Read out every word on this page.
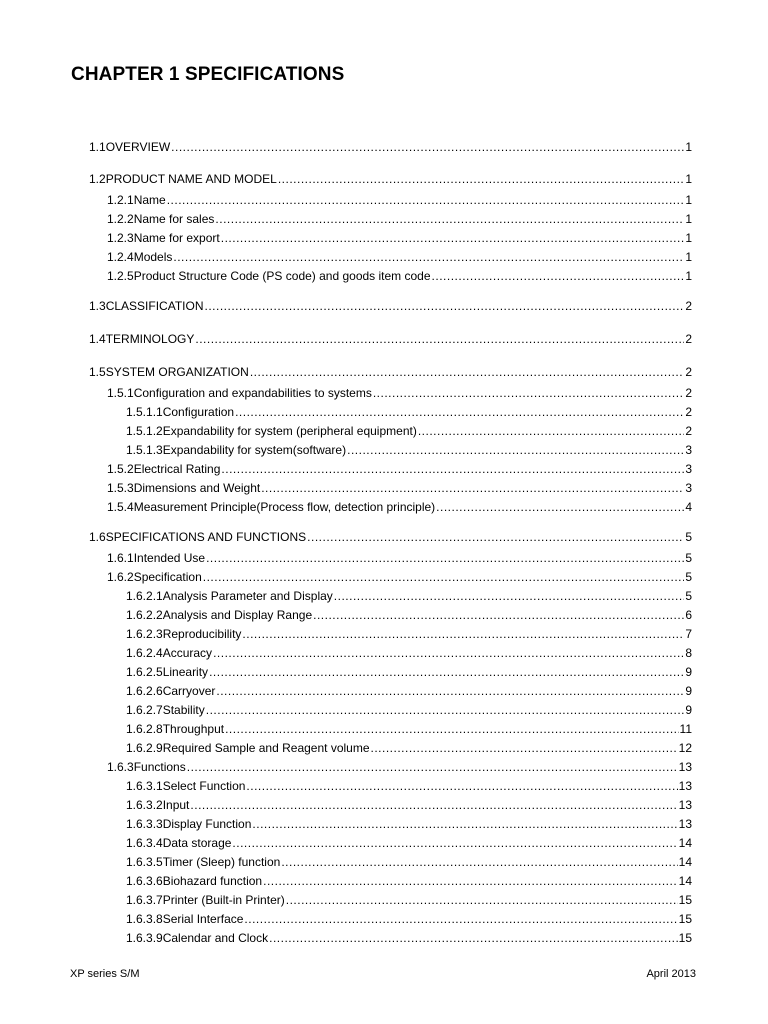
CHAPTER 1 SPECIFICATIONS
1.1 OVERVIEW .....	1
1.2 PRODUCT NAME AND MODEL .....	1
1.2.1 Name .....	1
1.2.2 Name for sales .....	1
1.2.3 Name for export .....	1
1.2.4 Models .....	1
1.2.5 Product Structure Code (PS code) and goods item code .....	1
1.3 CLASSIFICATION .....	2
1.4 TERMINOLOGY .....	2
1.5 SYSTEM ORGANIZATION .....	2
1.5.1 Configuration and expandabilities to systems .....	2
1.5.1.1 Configuration .....	2
1.5.1.2 Expandability for system (peripheral equipment) .....	2
1.5.1.3 Expandability for system(software) .....	3
1.5.2 Electrical Rating .....	3
1.5.3 Dimensions and Weight .....	3
1.5.4 Measurement Principle(Process flow, detection principle) .....	4
1.6 SPECIFICATIONS AND FUNCTIONS .....	5
1.6.1 Intended Use .....	5
1.6.2 Specification .....	5
1.6.2.1 Analysis Parameter and Display .....	5
1.6.2.2 Analysis and Display Range .....	6
1.6.2.3 Reproducibility .....	7
1.6.2.4 Accuracy .....	8
1.6.2.5 Linearity .....	9
1.6.2.6 Carryover .....	9
1.6.2.7 Stability .....	9
1.6.2.8 Throughput .....	11
1.6.2.9 Required Sample and Reagent volume .....	12
1.6.3 Functions .....	13
1.6.3.1 Select Function .....	13
1.6.3.2 Input .....	13
1.6.3.3 Display Function .....	13
1.6.3.4 Data storage .....	14
1.6.3.5 Timer (Sleep) function .....	14
1.6.3.6 Biohazard function .....	14
1.6.3.7 Printer (Built-in Printer) .....	15
1.6.3.8 Serial Interface .....	15
1.6.3.9 Calendar and Clock .....	15
XP series S/M	April 2013
